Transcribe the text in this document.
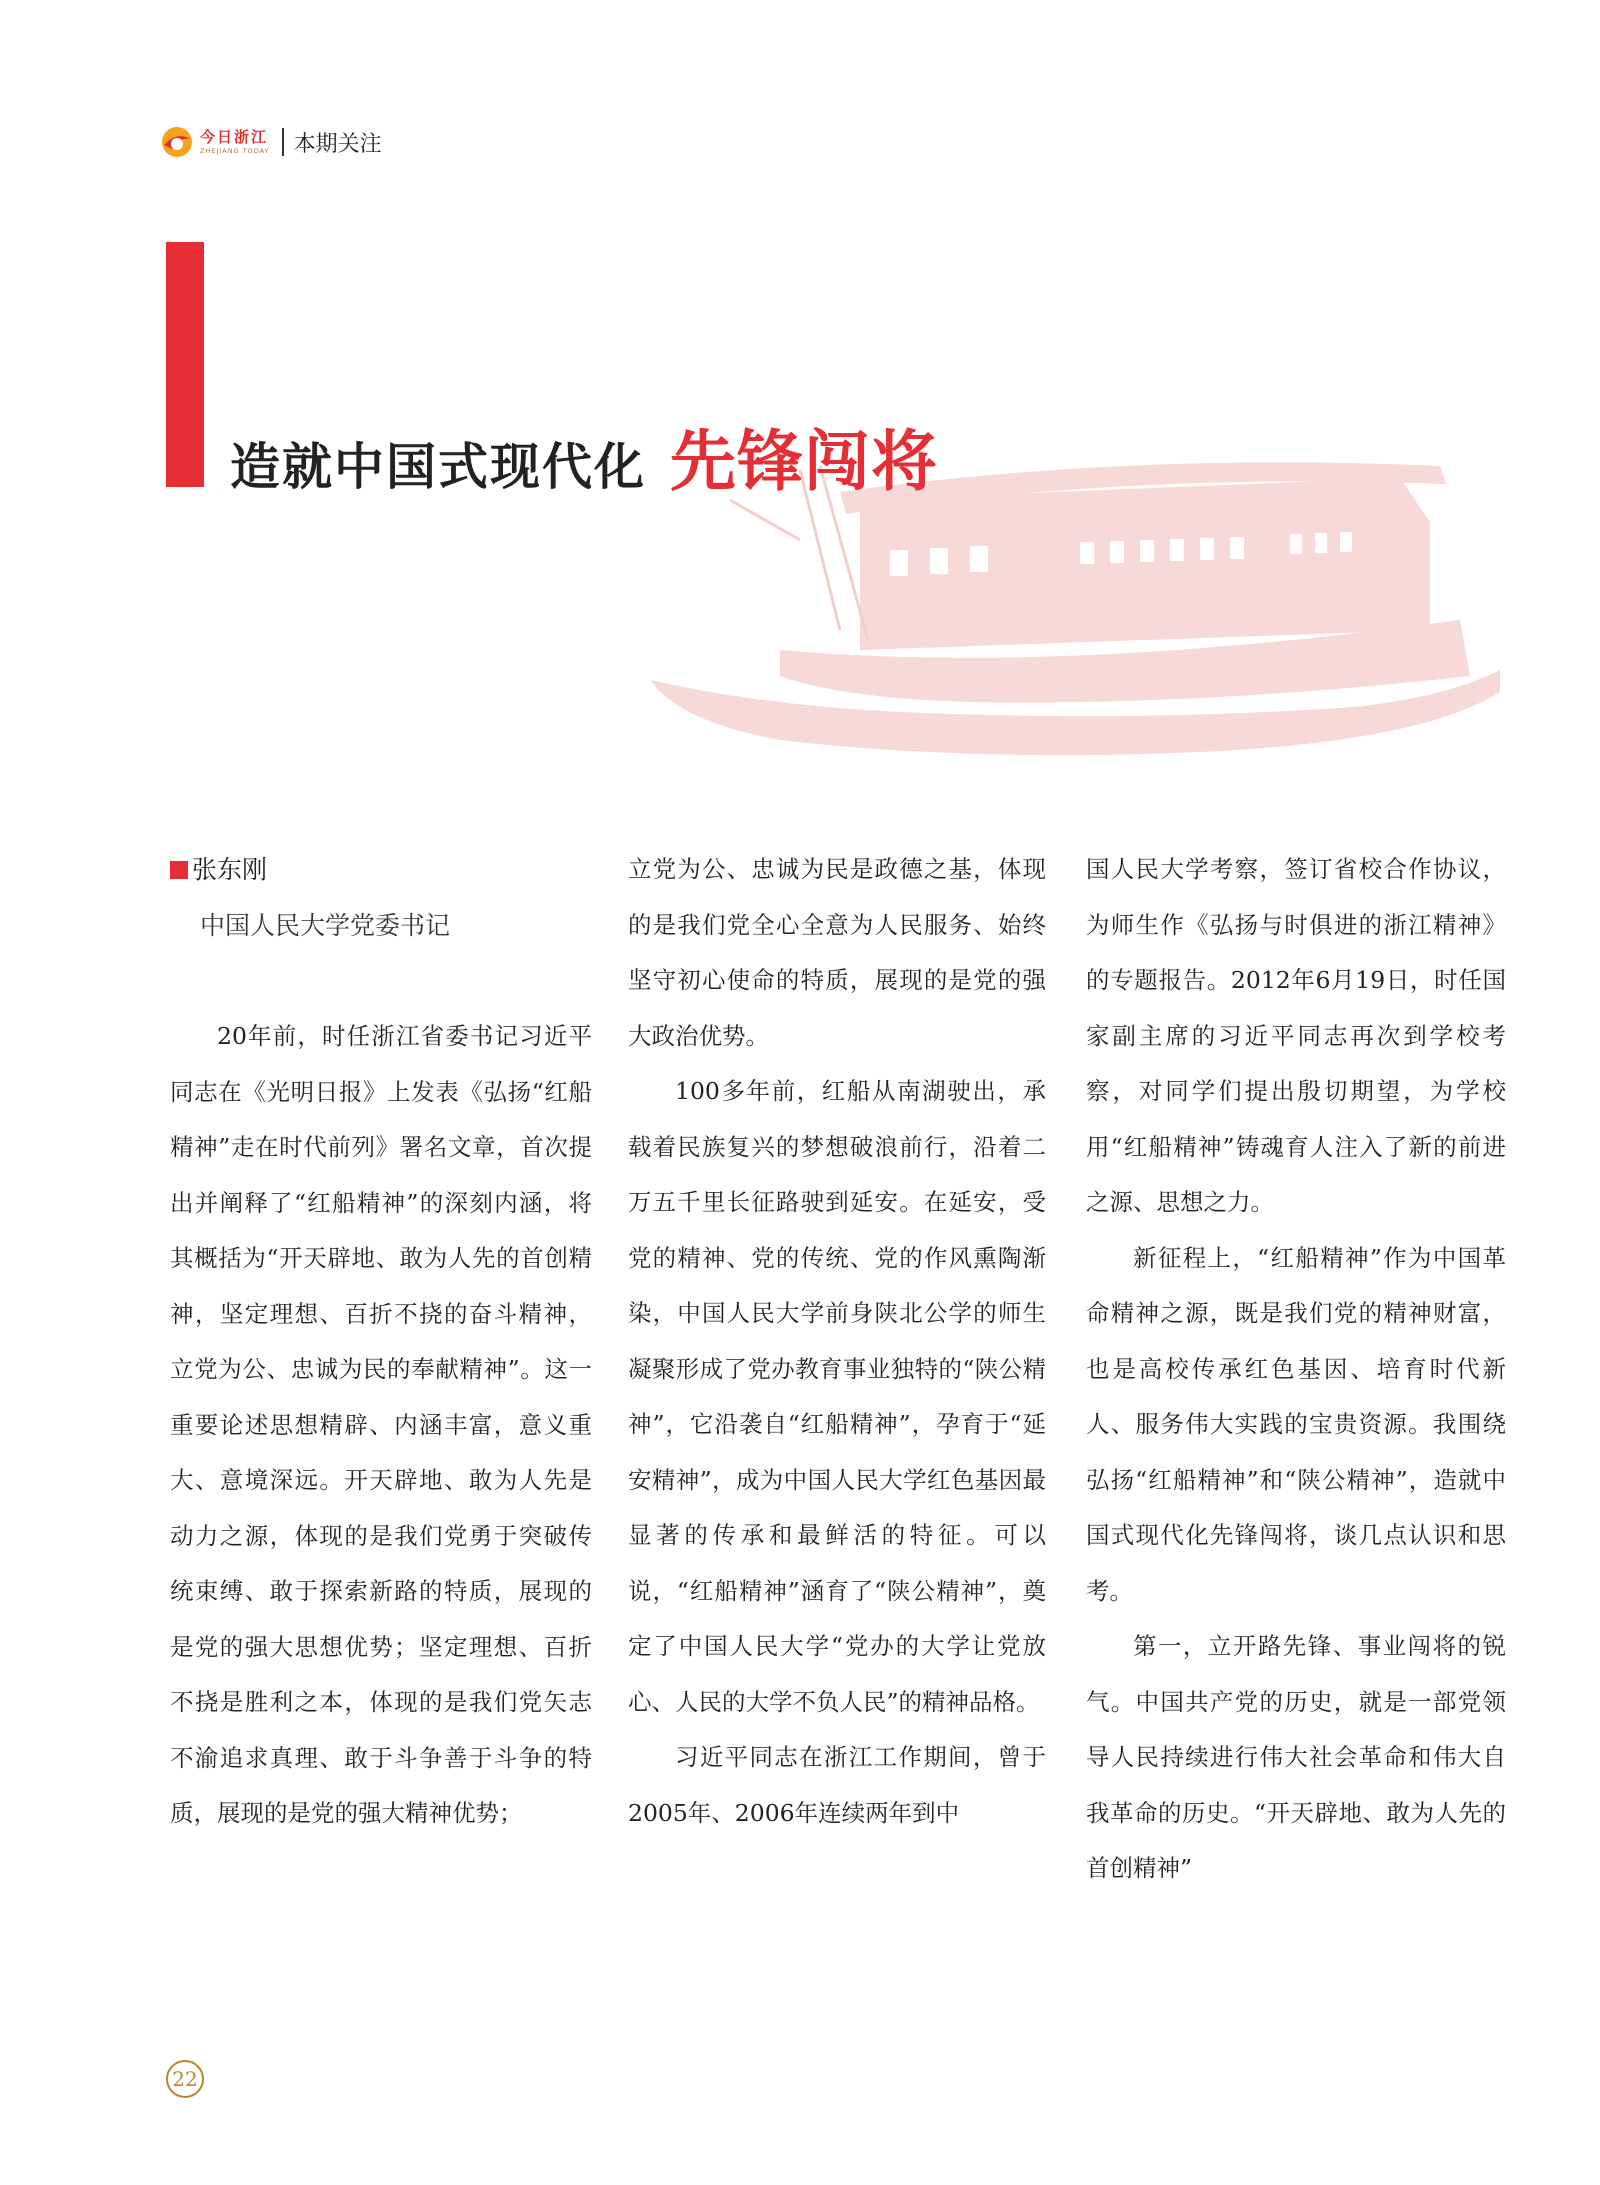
今日浙江
ZHEJIANG TODAY 本期关注
造就中国式现代化 先锋闯将
张东刚
中国人民大学党委书记

20年前，时任浙江省委书记习近平同志在《光明日报》上发表《弘扬“红船精神”走在时代前列》署名文章，首次提出并阐释了“红船精神”的深刻内涵，将其概括为“开天辟地、敢为人先的首创精神，坚定理想、百折不挠的奋斗精神，立党为公、忠诚为民的奉献精神”。这一重要论述思想精辟、内涵丰富，意义重大、意境深远。开天辟地、敢为人先是动力之源，体现的是我们党勇于突破传统束缚、敢于探索新路的特质，展现的是党的强大思想优势；坚定理想、百折不挠是胜利之本，体现的是我们党矢志不渝追求真理、敢于斗争善于斗争的特质，展现的是党的强大精神优势；

立党为公、忠诚为民是政德之基，体现的是我们党全心全意为人民服务、始终坚守初心使命的特质，展现的是党的强大政治优势。

100多年前，红船从南湖驶出，承载着民族复兴的梦想破浪前行，沿着二万五千里长征路驶到延安。在延安，受党的精神、党的传统、党的作风熏陶渐染，中国人民大学前身陕北公学的师生凝聚形成了党办教育事业独特的“陕公精神”，它沿袭自“红船精神”，孕育于“延安精神”，成为中国人民大学红色基因最显著的传承和最鲜活的特征。可以说，“红船精神”涵育了“陕公精神”，奠定了中国人民大学“党办的大学让党放心、人民的大学不负人民”的精神品格。

习近平同志在浙江工作期间，曾于2005年、2006年连续两年到中

国人民大学考察，签订省校合作协议，为师生作《弘扬与时俱进的浙江精神》的专题报告。2012年6月19日，时任国家副主席的习近平同志再次到学校考察，对同学们提出殷切期望，为学校用“红船精神”铸魂育人注入了新的前进之源、思想之力。

新征程上，“红船精神”作为中国革命精神之源，既是我们党的精神财富，也是高校传承红色基因、培育时代新人、服务伟大实践的宝贵资源。我围绕弘扬“红船精神”和“陕公精神”，造就中国式现代化先锋闯将，谈几点认识和思考。

第一，立开路先锋、事业闯将的锐气。中国共产党的历史，就是一部党领导人民持续进行伟大社会革命和伟大自我革命的历史。“开天辟地、敢为人先的首创精神”

22
